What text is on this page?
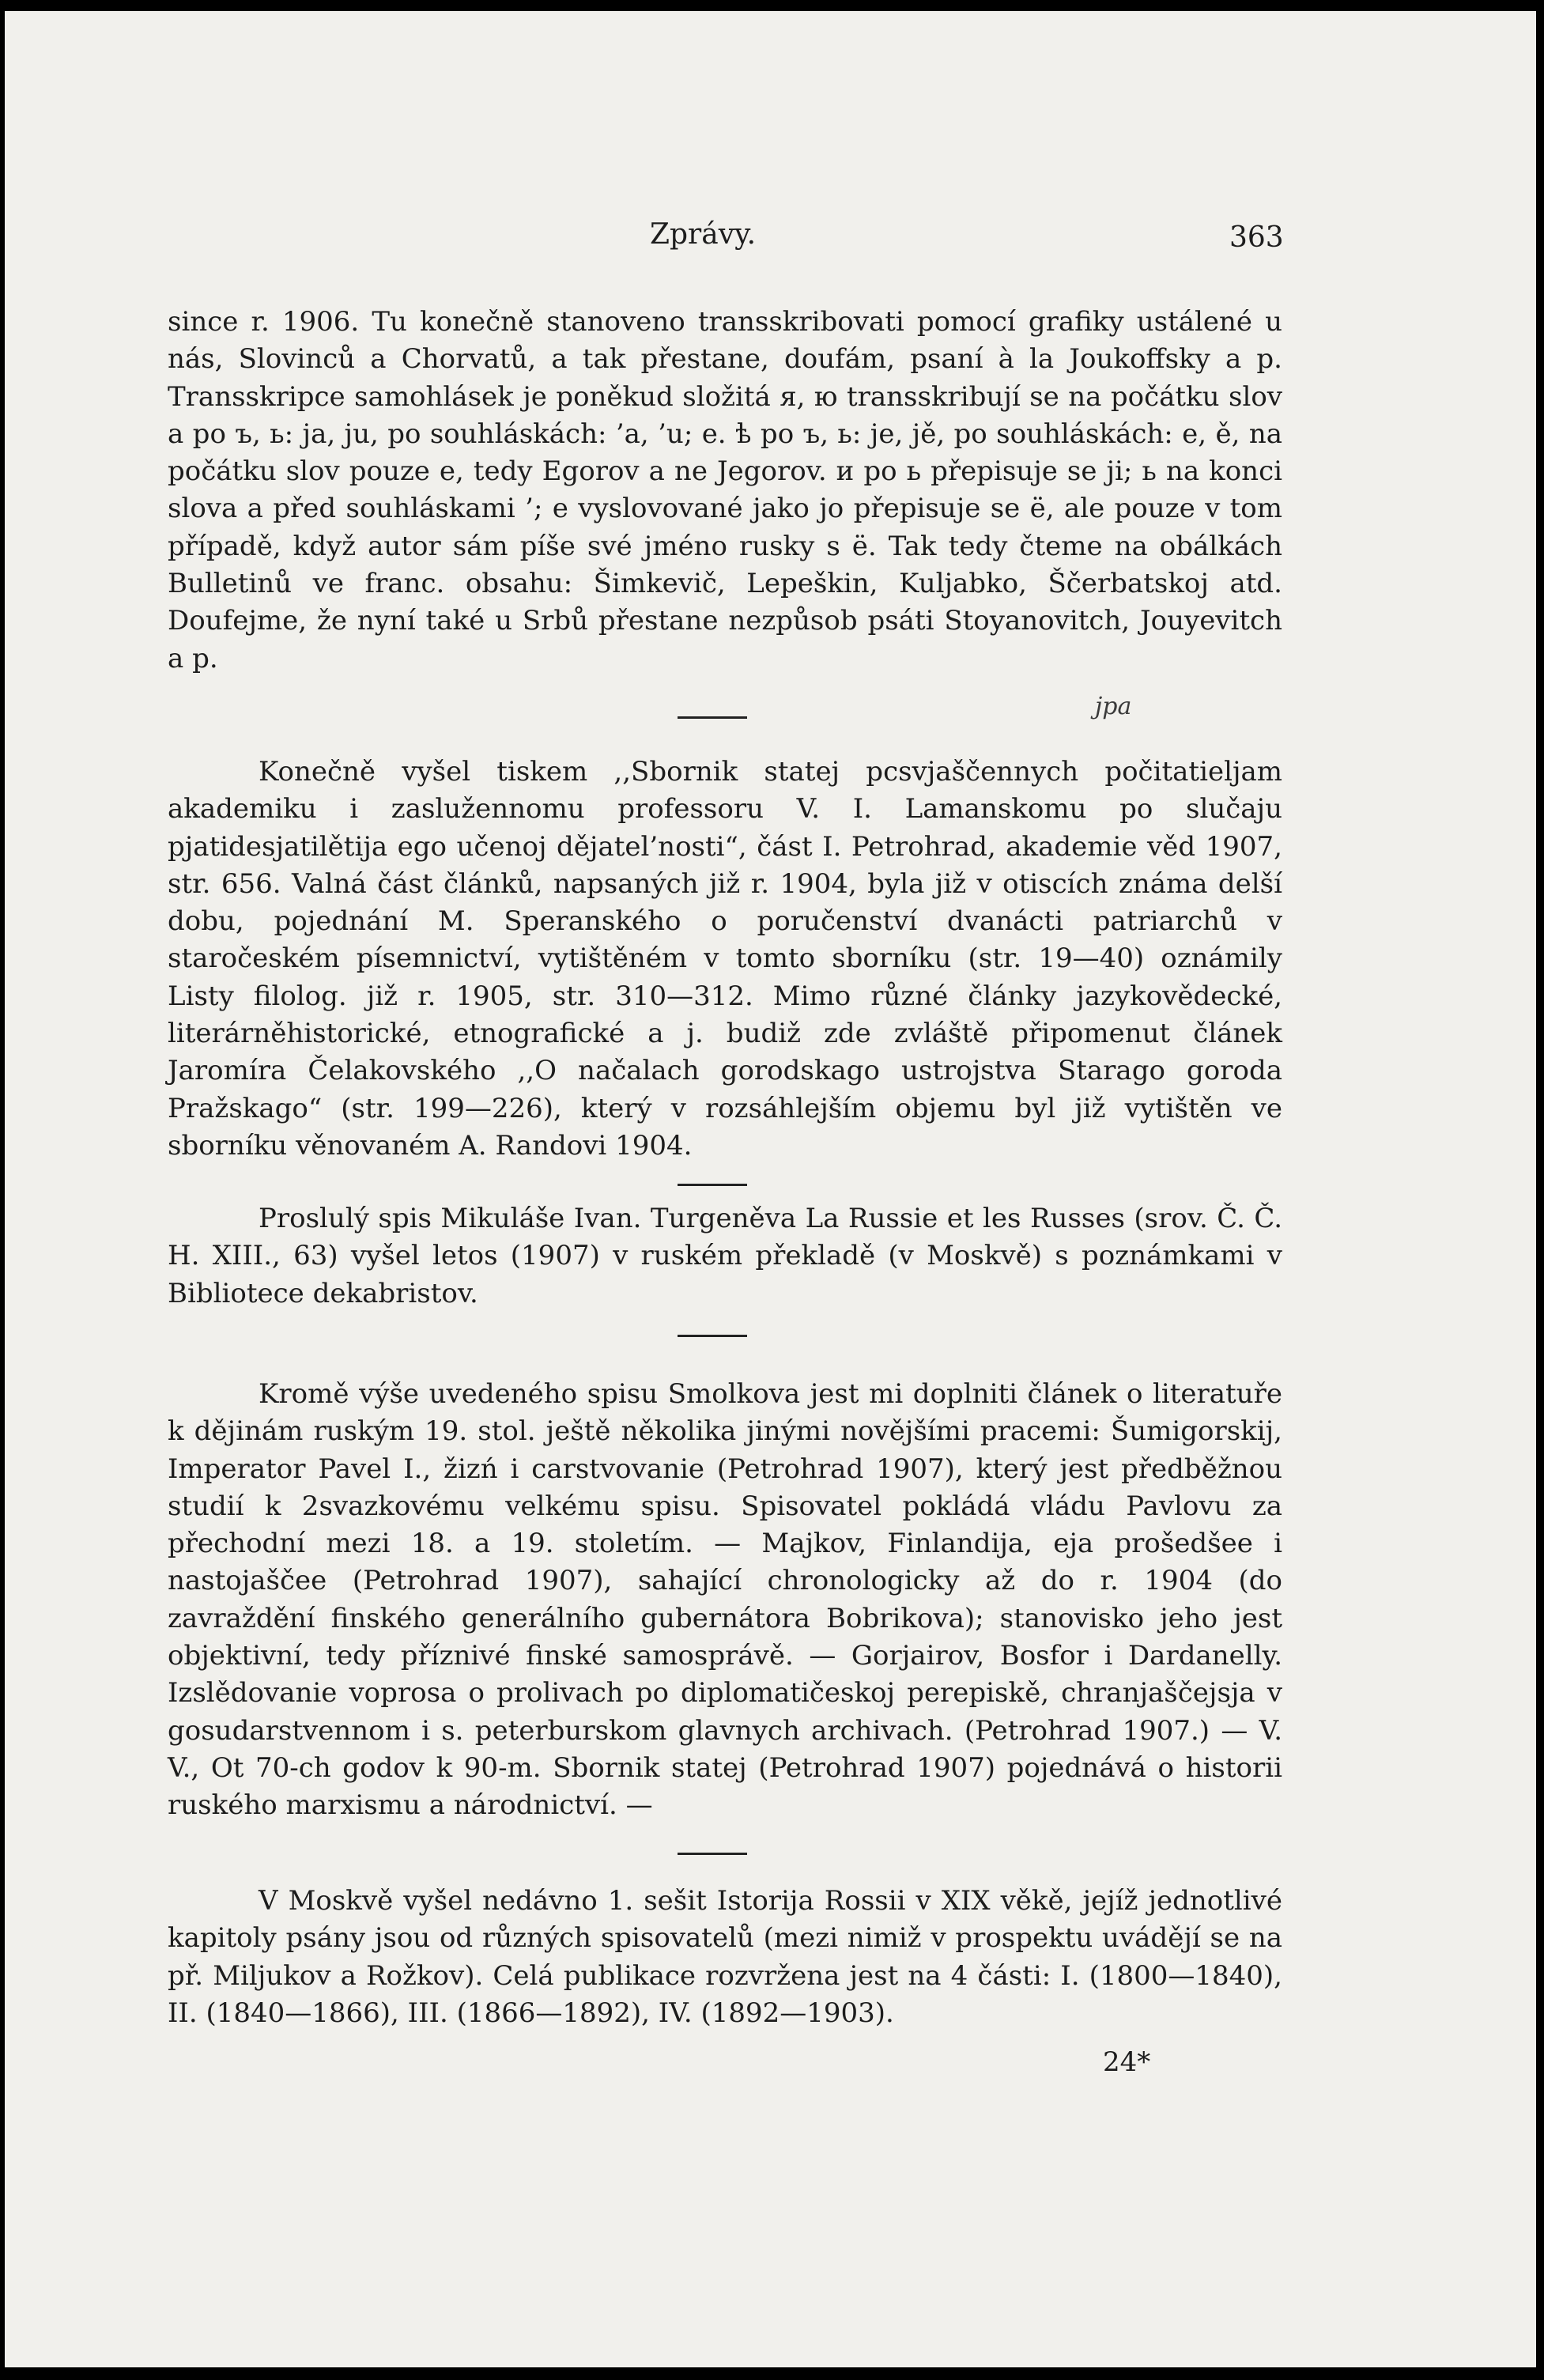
Zprávy.	363

since r. 1906. Tu konečně stanoveno transskribovati pomocí grafiky ustálené u nás, Slovinců a Chorvatů, a tak přestane, doufám, psaní à la Joukoffsky a p. Transskripce samohlásek je poněkud složitá я, ю transskribují se na počátku slov a po ъ, ь: ja, ju, po souhláskách: ’a, ’u; е. ѣ po ъ, ь: je, jě, po souhláskách: e, ě, na počátku slov pouze e, tedy Egorov a ne Jegorov. и po ь přepisuje se ji; ь na konci slova a před souhláskami ’; e vyslovované jako jo přepisuje se ë, ale pouze v tom případě, když autor sám píše své jméno rusky s ë. Tak tedy čteme na obálkách Bulletinů ve franc. obsahu: Šimkevič, Lepeškin, Kuljabko, Ščerbatskoj atd. Doufejme, že nyní také u Srbů přestane nezpůsob psáti Stoyanovitch, Jouyevitch a p.

jpa

Konečně vyšel tiskem ,,Sbornik statej pcsvjaščennych počitatieljam akademiku i zaslužennomu professoru V. I. Lamanskomu po slučaju pjatidesjatilětija ego učenoj dějatel’nosti“, část I. Petrohrad, akademie věd 1907, str. 656. Valná část článků, napsaných již r. 1904, byla již v otiscích známa delší dobu, pojednání M. Speranského o poručenství dvanácti patriarchů v staročeském písemnictví, vytištěném v tomto sborníku (str. 19—40) oznámily Listy filolog. již r. 1905, str. 310—312. Mimo různé články jazykovědecké, literárněhistorické, etnografické a j. budiž zde zvláště připomenut článek Jaromíra Čelakovského ,,O načalach gorodskago ustrojstva Starago goroda Pražskago“ (str. 199—226), který v rozsáhlejším objemu byl již vytištěn ve sborníku věnovaném A. Randovi 1904.

Proslulý spis Mikuláše Ivan. Turgeněva La Russie et les Russes (srov. Č. Č. H. XIII., 63) vyšel letos (1907) v ruském překladě (v Moskvě) s poznámkami v Bibliotece dekabristov.

Kromě výše uvedeného spisu Smolkova jest mi doplniti článek o literatuře k dějinám ruským 19. stol. ještě několika jinými novějšími pracemi: Šumigorskij, Imperator Pavel I., žizń i carstvovanie (Petrohrad 1907), který jest předběžnou studií k 2svazkovému velkému spisu. Spisovatel pokládá vládu Pavlovu za přechodní mezi 18. a 19. stoletím. — Majkov, Finlandija, eja prošedšee i nastojaščee (Petrohrad 1907), sahající chronologicky až do r. 1904 (do zavraždění finského generálního gubernátora Bobrikova); stanovisko jeho jest objektivní, tedy příznivé finské samosprávě. — Gorjairov, Bosfor i Dardanelly. Izslědovanie voprosa o prolivach po diplomatičeskoj perepiskě, chranjaščejsja v gosudarstvennom i s. peterburskom glavnych archivach. (Petrohrad 1907.) — V. V., Ot 70-ch godov k 90-m. Sbornik statej (Petrohrad 1907) pojednává o historii ruského marxismu a národnictví. —

V Moskvě vyšel nedávno 1. sešit Istorija Rossii v XIX věkě, jejíž jednotlivé kapitoly psány jsou od různých spisovatelů (mezi nimiž v prospektu uvádějí se na př. Miljukov a Rožkov). Celá publikace rozvržena jest na 4 části: I. (1800—1840), II. (1840—1866), III. (1866—1892), IV. (1892—1903).

24*
